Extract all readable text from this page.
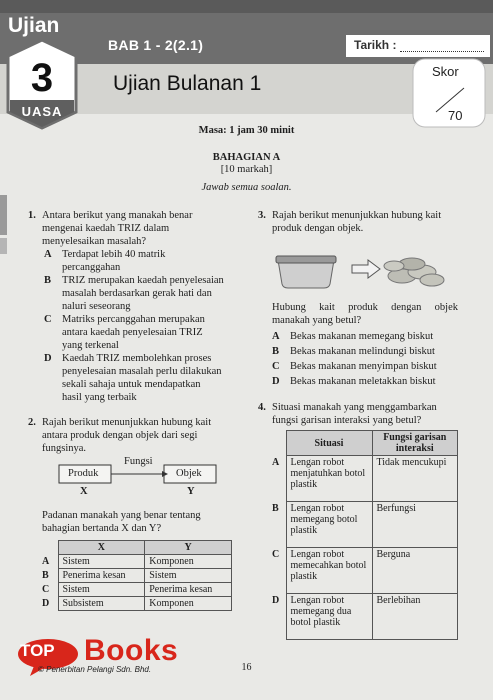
Ujian
BAB 1 - 2(2.1)	Tarikh :
Ujian Bulanan 1
3
UASA
Skor
70
Masa: 1 jam 30 minit
BAHAGIAN A
[10 markah]
Jawab semua soalan.
1. Antara berikut yang manakah benar
mengenai kaedah TRIZ dalam
menyelesaikan masalah?
A Terdapat lebih 40 matrik
percanggahan
B TRIZ merupakan kaedah penyelesaian
masalah berdasarkan gerak hati dan
naluri seseorang
C Matriks percanggahan merupakan
antara kaedah penyelesaian TRIZ
yang terkenal
D Kaedah TRIZ membolehkan proses
penyelesaian masalah perlu dilakukan
sekali sahaja untuk mendapatkan
hasil yang terbaik
2. Rajah berikut menunjukkan hubung kait
antara produk dengan objek dari segi
fungsinya.
Fungsi
Produk	Objek
X	Y
Padanan manakah yang benar tentang
bahagian bertanda X dan Y?
	X	Y
A	Sistem	Komponen
B	Penerima kesan	Sistem
C	Sistem	Penerima kesan
D	Subsistem	Komponen
3. Rajah berikut menunjukkan hubung kait
produk dengan objek.
Hubung kait produk dengan objek
manakah yang betul?
A Bekas makanan memegang biskut
B Bekas makanan melindungi biskut
C Bekas makanan menyimpan biskut
D Bekas makanan meletakkan biskut
4. Situasi manakah yang menggambarkan
fungsi garisan interaksi yang betul?
	Situasi	Fungsi garisan interaksi
A	Lengan robot menjatuhkan botol plastik	Tidak mencukupi
B	Lengan robot memegang botol plastik	Berfungsi
C	Lengan robot memecahkan botol plastik	Berguna
D	Lengan robot memegang dua botol plastik	Berlebihan
TOP Books
© Penerbitan Pelangi Sdn. Bhd.	16
